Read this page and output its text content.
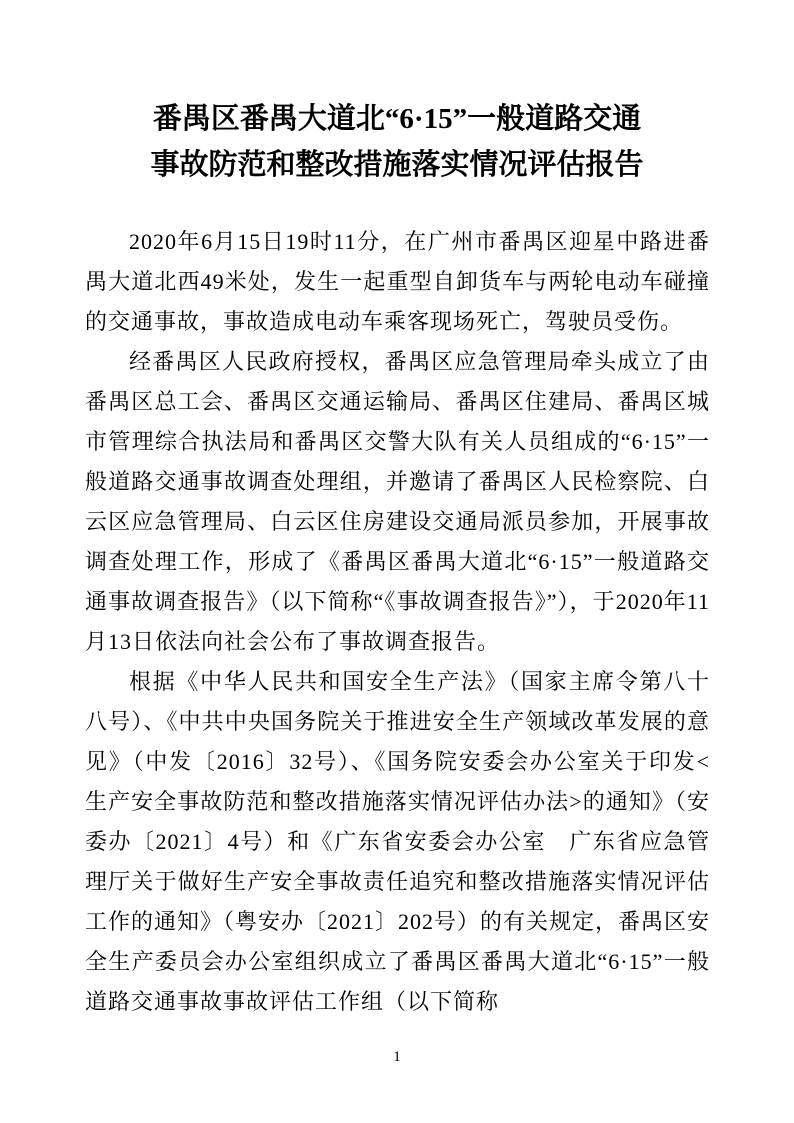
番禺区番禺大道北“6·15”一般道路交通
事故防范和整改措施落实情况评估报告

2020年6月15日19时11分，在广州市番禺区迎星中路进番禺大道北西49米处，发生一起重型自卸货车与两轮电动车碰撞的交通事故，事故造成电动车乘客现场死亡，驾驶员受伤。

经番禺区人民政府授权，番禺区应急管理局牵头成立了由番禺区总工会、番禺区交通运输局、番禺区住建局、番禺区城市管理综合执法局和番禺区交警大队有关人员组成的“6·15”一般道路交通事故调查处理组，并邀请了番禺区人民检察院、白云区应急管理局、白云区住房建设交通局派员参加，开展事故调查处理工作，形成了《番禺区番禺大道北“6·15”一般道路交通事故调查报告》（以下简称“《事故调查报告》”），于2020年11月13日依法向社会公布了事故调查报告。

根据《中华人民共和国安全生产法》（国家主席令第八十八号）、《中共中央国务院关于推进安全生产领域改革发展的意见》（中发〔2016〕32号）、《国务院安委会办公室关于印发<生产安全事故防范和整改措施落实情况评估办法>的通知》（安委办〔2021〕4号）和《广东省安委会办公室　广东省应急管理厅关于做好生产安全事故责任追究和整改措施落实情况评估工作的通知》（粤安办〔2021〕202号）的有关规定，番禺区安全生产委员会办公室组织成立了番禺区番禺大道北“6·15”一般道路交通事故事故评估工作组（以下简称

1
